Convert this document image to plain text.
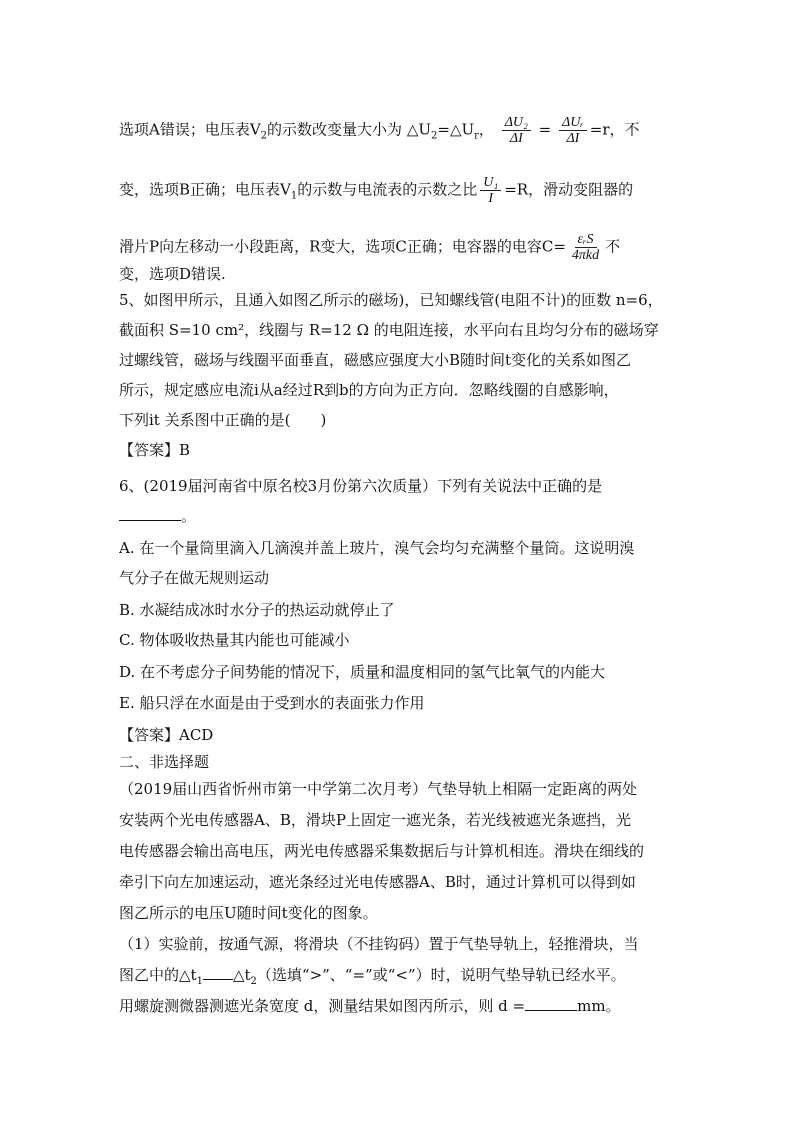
选项A错误；电压表$V_2$的示数改变量大小为 $\triangle U_2=\triangle U_r$， $\frac{\text{ΔU₂}}{\Delta I} = \frac{\text{ΔUᵣ}}{\Delta I} =r$，不
变，选项B正确；电压表$V_1$的示数与电流表的示数之比 $\frac{\text{U₁}}{I} =R$，滑动变阻器的
滑片P向左移动一小段距离，R变大，选项C正确；电容器的电容$C= \frac{\text{εᵣS}}{\text{4πkd}}$ 不
变，选项D错误.
5、如图甲所示，且通入如图乙所示的磁场)，已知螺线管(电阻不计)的匝数 n=6，
截面积 S=10 cm²，线圈与 R=12 Ω 的电阻连接，水平向右且均匀分布的磁场穿
过螺线管，磁场与线圈平面垂直，磁感应强度大小B随时间t变化的关系如图乙
所示，规定感应电流i从a经过R到b的方向为正方向．忽略线圈的自感影响，
下列it 关系图中正确的是(　　)
【答案】B
6、(2019届河南省中原名校3月份第六次质量）下列有关说法中正确的是
。
A. 在一个量筒里滴入几滴溴并盖上玻片，溴气会均匀充满整个量筒。这说明溴
气分子在做无规则运动
B. 水凝结成冰时水分子的热运动就停止了
C. 物体吸收热量其内能也可能减小
D. 在不考虑分子间势能的情况下，质量和温度相同的氢气比氧气的内能大
E. 船只浮在水面是由于受到水的表面张力作用
【答案】ACD
二、非选择题
（2019届山西省忻州市第一中学第二次月考）气垫导轨上相隔一定距离的两处
安装两个光电传感器A、B，滑块P上固定一遮光条，若光线被遮光条遮挡，光
电传感器会输出高电压，两光电传感器采集数据后与计算机相连。滑块在细线的
牵引下向左加速运动，遮光条经过光电传感器A、B时，通过计算机可以得到如
图乙所示的电压U随时间t变化的图象。
（1）实验前，按通气源，将滑块（不挂钩码）置于气垫导轨上，轻推滑块，当
图乙中的$\triangle t_1$ $\triangle t_2$（选填“>”、“=”或“<”）时，说明气垫导轨已经水平。
用螺旋测微器测遮光条宽度 d，测量结果如图丙所示，则 d =	mm。
